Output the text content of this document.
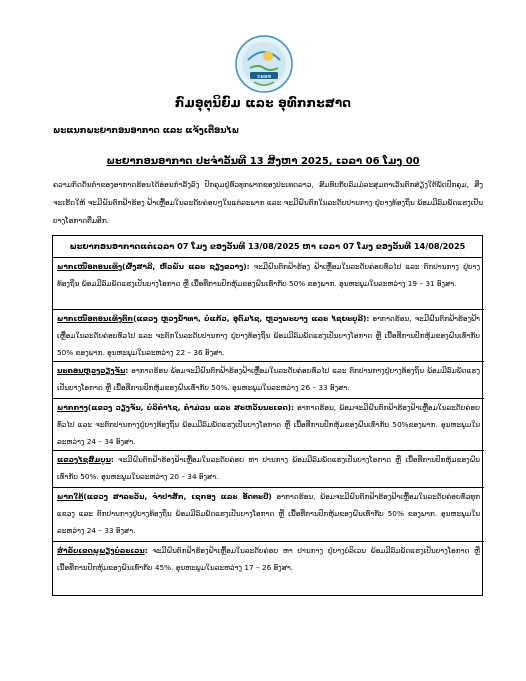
ກອອທ
ກົມອຸຕຸນິຍົມ ແລະ ອຸທົກກະສາດ
ພະແນກພະຍາກອນອາກາດ ແລະ ແຈ້ງເຕືອນໄພ
ພະຍາກອນອາກາດ ປະຈຳວັນທີ 13 ສິງຫາ 2025, ເວລາ 06 ໂມງ 00
ຄວາມກົດດັນຕ່ຳຂອງອາກາດຮ້ອນໄດ້ອ່ອນກຳລັງລົງ ປົກຄຸມຢູ່ທົ່ວທຸກພາກຂອງປະເທດລາວ, ສົມທົບກັບລົມມໍລະສຸມຕາເວັນຕົກສ່ຽງໃຕ້ພັດປົກຄຸມ, ສິ່ງຈະເຮັດໃຫ້ ຈະມີຝົນຕົກຟ້າຮ້ອງ ຟ້າເຫຼື້ອມໃນລະດັບຄ່ອຍໆໃນແຕ່ລະພາກ ແລະ ຈະມີຝົນຕົກໃນລະດັບປານກາງ ຢູ່ບາງທ້ອງຖິ່ນ ພ້ອມມີລົມພັດແຮງເປັນບາງໂອກາດຕື່ມອີກ.
ພະຍາກອນອາກາດແຕ່ເວລາ 07 ໂມງ ຂອງວັນທີ 13/08/2025 ຫາ ເວລາ 07 ໂມງ ຂອງວັນທີ 14/08/2025
ພາກເໜືອຕອນເທິງ(ຜົ້ງສາລີ, ຫົວພັນ ແລະ ຊຽງຂວາງ): ຈະມີຝົນຕົກຟ້າຮ້ອງ ຟ້າເຫຼື້ອມໃນລະດັບຄ່ອຍທົ່ວໄປ ແລະ ຕົກປານກາງ ຢູ່ບາງທ້ອງຖິ່ນ ພ້ອມມີລົມພັດແຮງເປັນບາງໂອກາດ ຫຼື ເນື້ອທີ່ການປົກຫຸ້ມຂອງຝົນເທົ່າກັບ 50% ຂອງພາກ. ອຸນຫະພູມໃນລະຫວ່າງ 19 – 31 ອົງສາ.
ພາກເໜືອຕອນເທິງຕົກ(ແຂວງ ຫຼວງນ້ຳທາ, ບໍ່ແກ້ວ, ອຸດົມໄຊ, ຫຼວງພະບາງ ແລະ ໄຊຍະບູລີ): ອາກາດຮ້ອນ, ຈະມີຝົນຕົກຟ້າຮ້ອງຟ້າເຫຼື້ອມໃນລະດັບຄ່ອຍທົ່ວໄປ ແລະ ຈະຕົກໃນລະດັບປານກາງ ຢູ່ບາງທ້ອງຖິ່ນ ພ້ອມມີລົມພັດແຮງເປັນບາງໂອກາດ ຫຼື ເນື້ອທີ່ການປົກຫຸ້ມຂອງຝົນເທົ່າກັບ 50% ຂອງພາກ. ອຸນຫະພູມໃນລະຫວ່າງ 22 – 36 ອົງສາ.
ນະຄອນຫຼວງວຽງຈັນ: ອາກາດຮ້ອນ ພ້ອມຈະມີຝົນຕົກຟ້າຮ້ອງຟ້າເຫຼື້ອມໃນລະດັບຄ່ອຍທົ່ວໄປ ແລະ ຕົກປານກາງຢູ່ບາງທ້ອງຖິ່ນ ພ້ອມມີລົມພັດແຮງເປັນບາງໂອກາດ ຫຼື ເນື້ອທີ່ການປົກຫຸ້ມຂອງຝົນເທົ່າກັບ 50%. ອຸນຫະພູມໃນລະຫວ່າງ 26 – 33 ອົງສາ.
ພາກກາງ(ແຂວງ ວຽງຈັນ, ບໍລິຄຳໄຊ, ຄຳມ່ວນ ແລະ ສະຫວັນນະເຂດ): ອາກາດຮ້ອນ, ພ້ອມຈະມີຝົນຕົກຟ້າຮ້ອງຟ້າເຫຼື້ອມໃນລະດັບຄ່ອຍທົ່ວໄປ ແລະ ຈະຕົກປານກາງຢູ່ບາງທ້ອງຖິ່ນ ພ້ອມມີລົມພັດແຮງເປັນບາງໂອກາດ ຫຼື ເນື້ອທີ່ການປົກຫຸ້ມຂອງຝົນເທົ່າກັບ 50%ຂອງພາກ. ອຸນຫະພູມໃນລະຫວ່າງ 24 – 34 ອົງສາ.
ແຂວງໄຊສົມບູນ: ຈະມີຝົນຕົກຟ້າຮ້ອງຟ້າເຫຼື້ອມໃນລະດັບຄ່ອຍ ຫາ ປານກາງ ພ້ອມມີລົມພັດແຮງເປັນບາງໂອກາດ ຫຼື ເນື້ອທີ່ການປົກຫຸ້ມຂອງຝົນເທົ່າກັບ 50%. ອຸນຫະພູມໃນລະຫວ່າງ 20 – 34 ອົງສາ.
ພາກໃຕ້(ແຂວງ ສາລະວັນ, ຈຳປາສັກ, ເຊກອງ ແລະ ອັດຕະປື) ອາກາດຮ້ອນ, ພ້ອມຈະມີຝົນຕົກຟ້າຮ້ອງຟ້າເຫຼື້ອມໃນລະດັບຄ່ອຍທົ່ວທຸກແຂວງ ແລະ ຕົກປານກາງຢູ່ບາງທ້ອງຖິ່ນ ພ້ອມມີລົມພັດແຮງເປັນບາງໂອກາດ ຫຼື ເນື້ອທີ່ການປົກຫຸ້ມຂອງຝົນເທົ່າກັບ 50% ຂອງພາກ. ອຸນຫະພູມໃນລະຫວ່າງ 24 – 33 ອົງສາ.
ສຳລັບເຂດພູພຽງບໍລະເວນ: ຈະມີຝົນຕົກຟ້າຮ້ອງຟ້າເຫຼື້ອມໃນລະດັບຄ່ອຍ ຫາ ປານກາງ ຢູ່ບາງບໍລິເວນ ພ້ອມມີລົມພັດແຮງເປັນບາງໂອກາດ ຫຼື ເນື້ອທີ່ການປົກຫຸ້ມຂອງຝົນເທົ່າກັບ 45%. ອຸນຫະພູມໃນລະຫວ່າງ 17 – 26 ອົງສາ.
